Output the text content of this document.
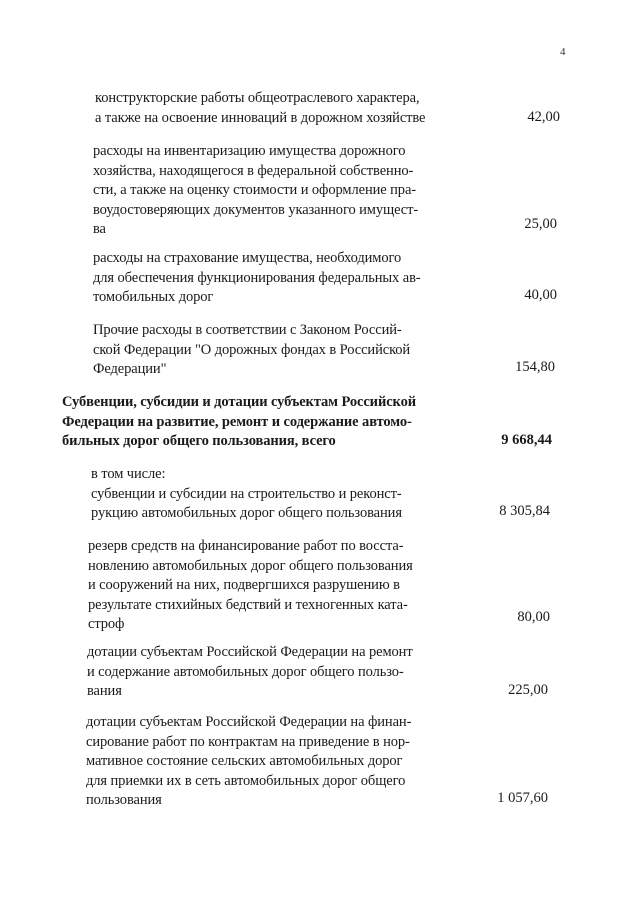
4
конструкторские работы общеотраслевого характера,
а также на освоение инноваций в дорожном хозяйстве	42,00
расходы на инвентаризацию имущества дорожного
хозяйства, находящегося в федеральной собственно-
сти, а также на оценку стоимости и оформление пра-
воудостоверяющих документов указанного имущест-
ва	25,00
расходы на страхование имущества, необходимого
для обеспечения функционирования федеральных ав-
томобильных дорог	40,00
Прочие расходы в соответствии с Законом Россий-
ской Федерации "О дорожных фондах в Российской
Федерации"	154,80
Субвенции, субсидии и дотации субъектам Российской
Федерации на развитие, ремонт и содержание автомо-
бильных дорог общего пользования, всего	9 668,44
в том числе:
субвенции и субсидии на строительство и реконст-
рукцию автомобильных дорог общего пользования	8 305,84
резерв средств на финансирование работ по восста-
новлению автомобильных дорог общего пользования
и сооружений на них, подвергшихся разрушению в
результате стихийных бедствий и техногенных ката-
строф	80,00
дотации субъектам Российской Федерации на ремонт
и содержание автомобильных дорог общего пользо-
вания	225,00
дотации субъектам Российской Федерации на финан-
сирование работ по контрактам на приведение в нор-
мативное состояние сельских автомобильных дорог
для приемки их в сеть автомобильных дорог общего
пользования	1 057,60
